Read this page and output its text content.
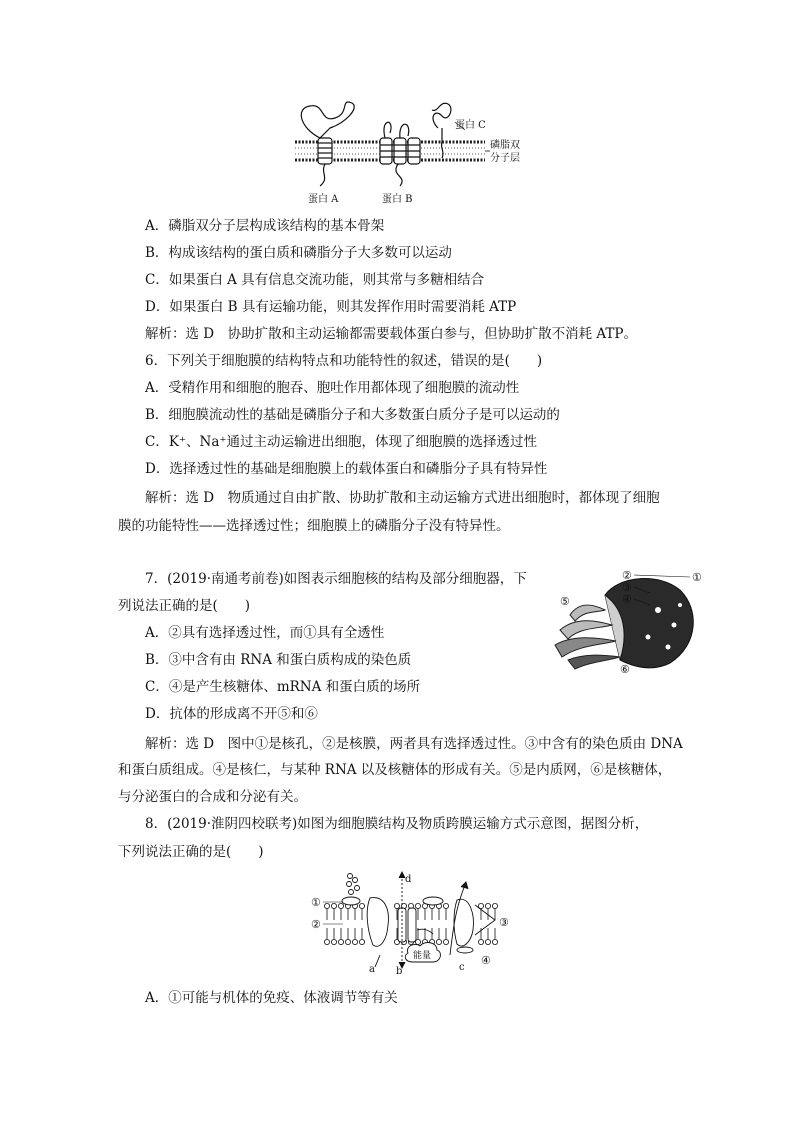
蛋白 A	蛋白 B
蛋白 C
磷脂双
分子层
A．磷脂双分子层构成该结构的基本骨架
B．构成该结构的蛋白质和磷脂分子大多数可以运动
C．如果蛋白 A 具有信息交流功能，则其常与多糖相结合
D．如果蛋白 B 具有运输功能，则其发挥作用时需要消耗 ATP
解析：选 D　协助扩散和主动运输都需要载体蛋白参与，但协助扩散不消耗 ATP。
6．下列关于细胞膜的结构特点和功能特性的叙述，错误的是(　　)
A．受精作用和细胞的胞吞、胞吐作用都体现了细胞膜的流动性
B．细胞膜流动性的基础是磷脂分子和大多数蛋白质分子是可以运动的
C．K⁺、Na⁺通过主动运输进出细胞，体现了细胞膜的选择透过性
D．选择透过性的基础是细胞膜上的载体蛋白和磷脂分子具有特异性
解析：选 D　物质通过自由扩散、协助扩散和主动运输方式进出细胞时，都体现了细胞
膜的功能特性——选择透过性；细胞膜上的磷脂分子没有特异性。
7．(2019·南通考前卷)如图表示细胞核的结构及部分细胞器，下
列说法正确的是(　　)
A．②具有选择透过性，而①具有全透性
B．③中含有由 RNA 和蛋白质构成的染色质
C．④是产生核糖体、mRNA 和蛋白质的场所
D．抗体的形成离不开⑤和⑥
解析：选 D　图中①是核孔，②是核膜，两者具有选择透过性。③中含有的染色质由 DNA
和蛋白质组成。④是核仁，与某种 RNA 以及核糖体的形成有关。⑤是内质网，⑥是核糖体，
与分泌蛋白的合成和分泌有关。
②	①
③
④
⑤
⑥
8．(2019·淮阴四校联考)如图为细胞膜结构及物质跨膜运输方式示意图，据图分析，
下列说法正确的是(　　)
能量
①
②	③
④
a b	c
d
A．①可能与机体的免疫、体液调节等有关
